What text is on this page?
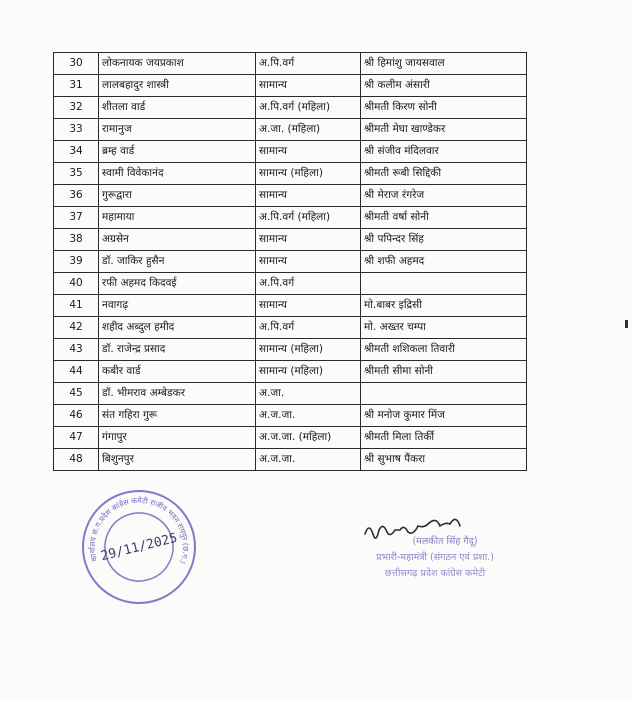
30	लोकनायक जयप्रकाश	अ.पि.वर्ग	श्री हिमांशु जायसवाल
31	लालबहादुर शास्त्री	सामान्य	श्री कलीम अंसारी
32	शीतला वार्ड	अ.पि.वर्ग (महिला)	श्रीमती किरण सोनी
33	रामानुज	अ.जा. (महिला)	श्रीमती मेघा खाण्डेकर
34	ब्रम्ह वार्ड	सामान्य	श्री संजीव मंदिलवार
35	स्वामी विवेकानंद	सामान्य (महिला)	श्रीमती रूबी सिद्दिकी
36	गुरूद्वारा	सामान्य	श्री मेराज रंगरेज
37	महामाया	अ.पि.वर्ग (महिला)	श्रीमती वर्षा सोनी
38	अग्रसेन	सामान्य	श्री पपिन्दर सिंह
39	डॉ. जाकिर हुसैन	सामान्य	श्री शफी अहमद
40	रफी अहमद किदवई	अ.पि.वर्ग	
41	नवागढ़	सामान्य	मो.बाबर इद्रिसी
42	शहीद अब्दुल हमीद	अ.पि.वर्ग	मो. अख्तर चम्पा
43	डॉ. राजेन्द्र प्रसाद	सामान्य (महिला)	श्रीमती शशिकला तिवारी
44	कबीर वार्ड	सामान्य (महिला)	श्रीमती सीमा सोनी
45	डॉ. भीमराव अम्बेडकर	अ.जा.	
46	संत गहिरा गुरू	अ.ज.जा.	श्री मनोज कुमार मिंज
47	गंगापुर	अ.ज.जा. (महिला)	श्रीमती मिला तिर्की
48	बिशुनपुर	अ.ज.जा.	श्री सुभाष पैंकरा
कार्यालय छ.ग.प्रदेश कांग्रेस कमेटी राजीव भवन रायपुर (छ.ग.)
29/11/2025	(मलकीत सिंह गैदू)
प्रभारी-महामंत्री (संगठन एवं प्रशा.)
छत्तीसगढ़ प्रदेश कांग्रेस कमेटी
